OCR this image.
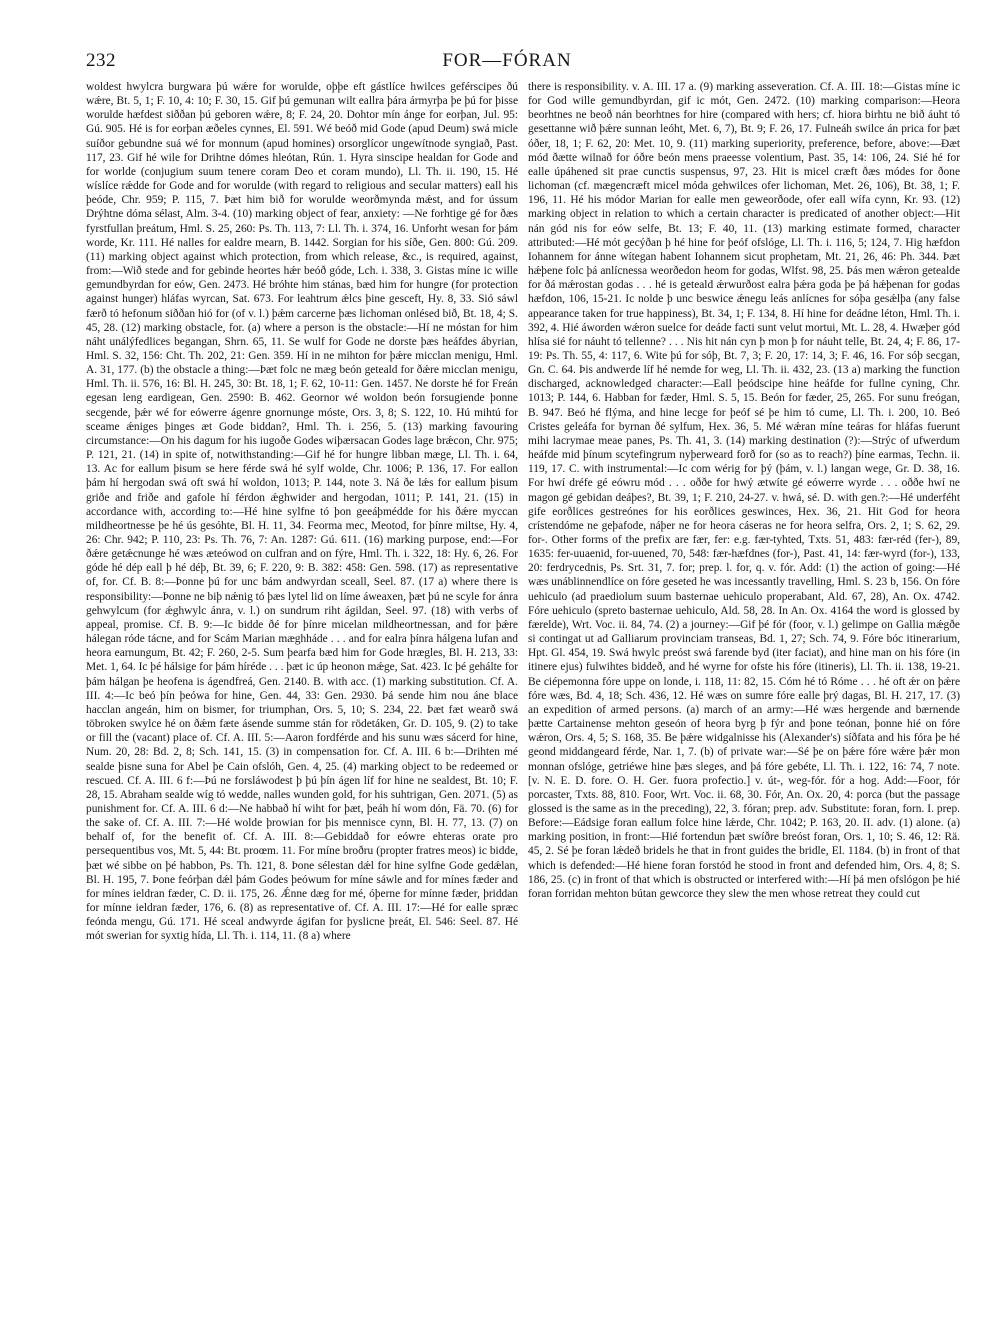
232	FOR—FÓRAN

woldest hwylcra burgwara þú wǽre for worulde, oþþe eft gástlíce hwilces geférscipes ðú wǽre, Bt. 5, 1; F. 10, 4: 10; F. 30, 15. Gif þú gemunan wilt eallra þára ármyrþa þe þú for þisse worulde hæfdest siððan þú geboren wǽre, 8; F. 24, 20. Dohtor mín ánge for eorþan, Jul. 95: Gú. 905. Hé is for eorþan æðeles cynnes, El. 591. Wé beóð mid Gode (apud Deum) swá micle suíðor gebundne suá wé for monnum (apud homines) orsorglícor ungewítnode syngiað, Past. 117, 23. Gif hé wile for Drihtne dómes hleótan, Rún. 1. Hyra sinscipe healdan for Gode and for worlde (conjugium suum tenere coram Deo et coram mundo), Ll. Th. ii. 190, 15. Hé wíslíce rǽdde for Gode and for worulde (with regard to religious and secular matters) eall his þeóde, Chr. 959; P. 115, 7. Þæt him bið for worulde weorðmynda mǽst, and for ússum Drýhtne dóma sélast, Alm. 3-4. (10) marking object of fear, anxiety: —Ne forhtige gé for ðæs fyrstfullan þreátum, Hml. S. 25, 260: Ps. Th. 113, 7: Ll. Th. i. 374, 16. Unforht wesan for þám worde, Kr. 111. Hé nalles for ealdre mearn, B. 1442. Sorgian for his síðe, Gen. 800: Gú. 209. (11) marking object against which protection, from which release, &c., is required, against, from:—Wið stede and for gebinde heortes hǽr beóð góde, Lch. i. 338, 3. Gistas míne ic wille gemundbyrdan for eów, Gen. 2473. Hé bróhte him stánas, bæd him for hungre (for protection against hunger) hláfas wyrcan, Sat. 673. For leahtrum ǽlcs þine gesceft, Hy. 8, 33. Sió sáwl færð tó hefonum siððan hió for (of v. l.) þǽm carcerne þæs lichoman onlésed bið, Bt. 18, 4; S. 45, 28. (12) marking obstacle, for. (a) where a person is the obstacle:—Hí ne móstan for him náht unálýfedlices begangan, Shrn. 65, 11. Se wulf for Gode ne dorste þæs heáfdes ábyrian, Hml. S. 32, 156: Cht. Th. 202, 21: Gen. 359. Hí in ne mihton for þǽre micclan menigu, Hml. A. 31, 177. (b) the obstacle a thing:—Þæt folc ne mæg beón geteald for ðǽre micclan menigu, Hml. Th. ii. 576, 16: Bl. H. 245, 30: Bt. 18, 1; F. 62, 10-11: Gen. 1457. Ne dorste hé for Freán egesan leng eardigean, Gen. 2590: B. 462. Geornor wé woldon beón forsugiende þonne secgende, þǽr wé for eówerre ágenre gnornunge móste, Ors. 3, 8; S. 122, 10. Hú mihtú for sceame ǽniges þinges æt Gode biddan?, Hml. Th. i. 256, 5. (13) marking favouring circumstance:—On his dagum for his iugoðe Godes wiþærsacan Godes lage brǽcon, Chr. 975; P. 121, 21. (14) in spite of, notwithstanding:—Gif hé for hungre libban mæge, Ll. Th. i. 64, 13. Ac for eallum þisum se here férde swá hé sylf wolde, Chr. 1006; P. 136, 17. For eallon þám hí hergodan swá oft swá hí woldon, 1013; P. 144, note 3. Ná ðe lǽs for eallum þisum griðe and friðe and gafole hí férdon ǽghwider and hergodan, 1011; P. 141, 21. (15) in accordance with, according to:—Hé hine sylfne tó þon geeáþmédde for his ðǽre myccan mildheortnesse þe hé ús gesóhte, Bl. H. 11, 34. Feorma mec, Meotod, for þínre miltse, Hy. 4, 26: Chr. 942; P. 110, 23: Ps. Th. 76, 7: An. 1287: Gú. 611. (16) marking purpose, end:—For ðǽre getǽcnunge hé wæs æteówod on culfran and on fýre, Hml. Th. i. 322, 18: Hy. 6, 26. For góde hé dép eall þ hé déþ, Bt. 39, 6; F. 220, 9: B. 382: 458: Gen. 598. (17) as representative of, for. Cf. B. 8:—Þonne þú for unc bám andwyrdan sceall, Seel. 87. (17 a) where there is responsibility:—Þonne ne biþ nǽnig tó þæs lytel lid on líme áweaxen, þæt þú ne scyle for ánra gehwylcum (for ǽghwylc ánra, v. l.) on sundrum riht ágildan, Seel. 97. (18) with verbs of appeal, promise. Cf. B. 9:—Ic bidde ðé for þínre micelan mildheortnessan, and for þǽre hálegan róde tácne, and for Scám Marian mæghháde . . . and for ealra þínra hálgena lufan and heora earnungum, Bt. 42; F. 260, 2-5. Sum þearfa bæd him for Gode hrægles, Bl. H. 213, 33: Met. 1, 64. Ic þé hálsige for þám híréde . . . þæt ic úp heonon mǽge, Sat. 423. Ic þé gehálte for þám hálgan þe heofena is ágendfreá, Gen. 2140. B. with acc. (1) marking substitution. Cf. A. III. 4:—Ic beó þín þeówa for hine, Gen. 44, 33: Gen. 2930. Þá sende him nou áne blace hacclan angeán, him on bismer, for triumphan, Ors. 5, 10; S. 234, 22. Þæt fæt wearð swá töbroken swylce hé on ðǽm fæte ásende summe stán for rödetáken, Gr. D. 105, 9. (2) to take or fill the (vacant) place of. Cf. A. III. 5:—Aaron fordférde and his sunu wæs sácerd for hine, Num. 20, 28: Bd. 2, 8; Sch. 141, 15. (3) in compensation for. Cf. A. III. 6 b:—Drihten mé sealde þisne suna for Abel þe Cain ofslóh, Gen. 4, 25. (4) marking object to be redeemed or rescued. Cf. A. III. 6 f:—Þú ne forsláwodest þ þú þín ágen líf for hine ne sealdest, Bt. 10; F. 28, 15. Abraham sealde wíg tó wedde, nalles wunden gold, for his suhtrigan, Gen. 2071. (5) as punishment for. Cf. A. III. 6 d:—Ne habbað hí wiht for þæt, þeáh hí wom dón, Fä. 70. (6) for the sake of. Cf. A. III. 7:—Hé wolde þrowian for þis mennisce cynn, Bl. H. 77, 13. (7) on behalf of, for the benefit of. Cf. A. III. 8:—Gebiddað for eówre ehteras orate pro persequentibus vos, Mt. 5, 44: Bt. proœm. 11. For míne broðru (propter fratres meos) ic bidde, þæt wé sibbe on þé habbon, Ps. Th. 121, 8. Þone sélestan dǽl for hine sylfne Gode gedǽlan, Bl. H. 195, 7. Þone feórþan dǽl þám Godes þeówum for míne sáwle and for mínes fæder and for mínes ieldran fæder, C. D. ii. 175, 26. Ǽnne dæg for mé, óþerne for mínne fæder, þriddan for mínne ieldran fæder, 176, 6. (8) as representative of. Cf. A. III. 17:—Hé for ealle spræc feónda mengu, Gú. 171. Hé sceal andwyrde ágifan for þyslicne þreát, El. 546: Seel. 87. Hé mót swerian for syxtig hída, Ll. Th. i. 114, 11. (8 a) where

there is responsibility. v. A. III. 17 a. (9) marking asseveration. Cf. A. III. 18:—Gistas míne ic for God wille gemundbyrdan, gif ic mót, Gen. 2472. (10) marking comparison:—Heora beorhtnes ne beoð nán beorhtnes for hire (compared with hers; cf. hiora birhtu ne bið áuht tó gesettanne wið þǽre sunnan leóht, Met. 6, 7), Bt. 9; F. 26, 17. Fulneáh swilce án prica for þæt óðer, 18, 1; F. 62, 20: Met. 10, 9. (11) marking superiority, preference, before, above:—Ðæt mód ðætte wilnað for óðre beón mens praeesse volentium, Past. 35, 14: 106, 24. Sié hé for ealle úpáhened sit prae cunctis suspensus, 97, 23. Hit is micel cræft ðæs módes for ðone lichoman (cf. mægencræft micel móda gehwilces ofer lichoman, Met. 26, 106), Bt. 38, 1; F. 196, 11. Hé his módor Marian for ealle men geweorðode, ofer eall wífa cynn, Kr. 93. (12) marking object in relation to which a certain character is predicated of another object:—Hit nán gód nis for eów selfe, Bt. 13; F. 40, 11. (13) marking estimate formed, character attributed:—Hé mót gecýðan þ hé hine for þeóf ofslóge, Ll. Th. i. 116, 5; 124, 7. Hig hæfdon Iohannem for ánne wítegan habent Iohannem sicut prophetam, Mt. 21, 26, 46: Ph. 344. Þæt hǽþene folc þá anlícnessa weorðedon heom for godas, Wlfst. 98, 25. Þás men wǽron getealde for ðá mǽrostan godas . . . hé is geteald ǽrwurðost ealra þǽra goda þe þá hǽþenan for godas hæfdon, 106, 15-21. Ic nolde þ unc beswice ǽnegu leás anlícnes for sóþa gesǽlþa (any false appearance taken for true happiness), Bt. 34, 1; F. 134, 8. Hí hine for deádne léton, Hml. Th. i. 392, 4. Hié áworden wǽron suelce for deáde facti sunt velut mortui, Mt. L. 28, 4. Hwæþer gód hlísa sié for náuht tó tellenne? . . . Nis hit nán cyn þ mon þ for náuht telle, Bt. 24, 4; F. 86, 17-19: Ps. Th. 55, 4: 117, 6. Wite þú for sóþ, Bt. 7, 3; F. 20, 17: 14, 3; F. 46, 16. For sóþ secgan, Gn. C. 64. Þis andwerde líf hé nemde for weg, Ll. Th. ii. 432, 23. (13 a) marking the function discharged, acknowledged character:—Eall þeódscipe hine heáfde for fullne cyning, Chr. 1013; P. 144, 6. Habban for fæder, Hml. S. 5, 15. Beón for fæder, 25, 265. For sunu freógan, B. 947. Beó hé flýma, and hine lecge for þeóf sé þe him tó cume, Ll. Th. i. 200, 10. Beó Cristes geleáfa for byrnan ðé sylfum, Hex. 36, 5. Mé wǽran míne teáras for hláfas fuerunt mihi lacrymae meae panes, Ps. Th. 41, 3. (14) marking destination (?):—Strýc of ufwerdum heáfde mid þínum scytefingrum nyþerweard forð for (so as to reach?) þíne earmas, Techn. ii. 119, 17. C. with instrumental:—Ic com wérig for þý (þám, v. l.) langan wege, Gr. D. 38, 16. For hwí dréfe gé eówru mód . . . oððe for hwý ætwíte gé eówerre wyrde . . . oððe hwí ne magon gé gebidan deáþes?, Bt. 39, 1; F. 210, 24-27. v. hwá, sé. D. with gen.?:—Hé underféht gife eorðlices gestreónes for his eorðlices geswinces, Hex. 36, 21. Hit God for heora crístendóme ne geþafode, náþer ne for heora cáseras ne for heora selfra, Ors. 2, 1; S. 62, 29. for-. Other forms of the prefix are fær, fer: e.g. fær-tyhted, Txts. 51, 483: fær-réd (fer-), 89, 1635: fer-uuaenid, for-uuened, 70, 548: fær-hæfdnes (for-), Past. 41, 14: fær-wyrd (for-), 133, 20: ferdrycednis, Ps. Srt. 31, 7. for; prep. l. for, q. v. fór. Add: (1) the action of going:—Hé wæs unáblinnendlíce on fóre geseted he was incessantly travelling, Hml. S. 23 b, 156. On fóre uehiculo (ad praediolum suum basternae uehiculo properabant, Ald. 67, 28), An. Ox. 4742. Fóre uehiculo (spreto basternae uehiculo, Ald. 58, 28. In An. Ox. 4164 the word is glossed by færelde), Wrt. Voc. ii. 84, 74. (2) a journey:—Gif þé fór (foor, v. l.) gelimpe on Gallia mǽgðe si contingat ut ad Galliarum provinciam transeas, Bd. 1, 27; Sch. 74, 9. Fóre bóc itinerarium, Hpt. Gl. 454, 19. Swá hwylc preóst swá farende byd (iter faciat), and hine man on his fóre (in itinere ejus) fulwihtes biddeð, and hé wyrne for ofste his fóre (itineris), Ll. Th. ii. 138, 19-21. Be ciépemonna fóre uppe on londe, i. 118, 11: 82, 15. Cóm hé tó Róme . . . hé oft ǽr on þǽre fóre wæs, Bd. 4, 18; Sch. 436, 12. Hé wæs on sumre fóre ealle þrý dagas, Bl. H. 217, 17. (3) an expedition of armed persons. (a) march of an army:—Hé wæs hergende and bærnende þætte Cartainense mehton geseón of heora byrg þ fýr and þone teónan, þonne hié on fóre wǽron, Ors. 4, 5; S. 168, 35. Be þǽre widgalnisse his (Alexander's) síðfata and his fóra þe hé geond middangeard férde, Nar. 1, 7. (b) of private war:—Sé þe on þǽre fóre wǽre þǽr mon monnan ofslóge, getriéwe hine þæs sleges, and þá fóre gebéte, Ll. Th. i. 122, 16: 74, 7 note. [v. N. E. D. fore. O. H. Ger. fuora profectio.] v. út-, weg-fór. fór a hog. Add:—Foor, fór porcaster, Txts. 88, 810. Foor, Wrt. Voc. ii. 68, 30. Fór, An. Ox. 20, 4: porca (but the passage glossed is the same as in the preceding), 22, 3. fóran; prep. adv. Substitute: foran, forn. I. prep. Before:—Eádsige foran eallum folce hine lǽrde, Chr. 1042; P. 163, 20. II. adv. (1) alone. (a) marking position, in front:—Hié fortendun þæt swíðre breóst foran, Ors. 1, 10; S. 46, 12: Rä. 45, 2. Sé þe foran lǽdeð bridels he that in front guides the bridle, El. 1184. (b) in front of that which is defended:—Hé hiene foran forstód he stood in front and defended him, Ors. 4, 8; S. 186, 25. (c) in front of that which is obstructed or interfered with:—Hí þá men ofslógon þe hié foran forridan mehton bútan gewcorce they slew the men whose retreat they could cut
